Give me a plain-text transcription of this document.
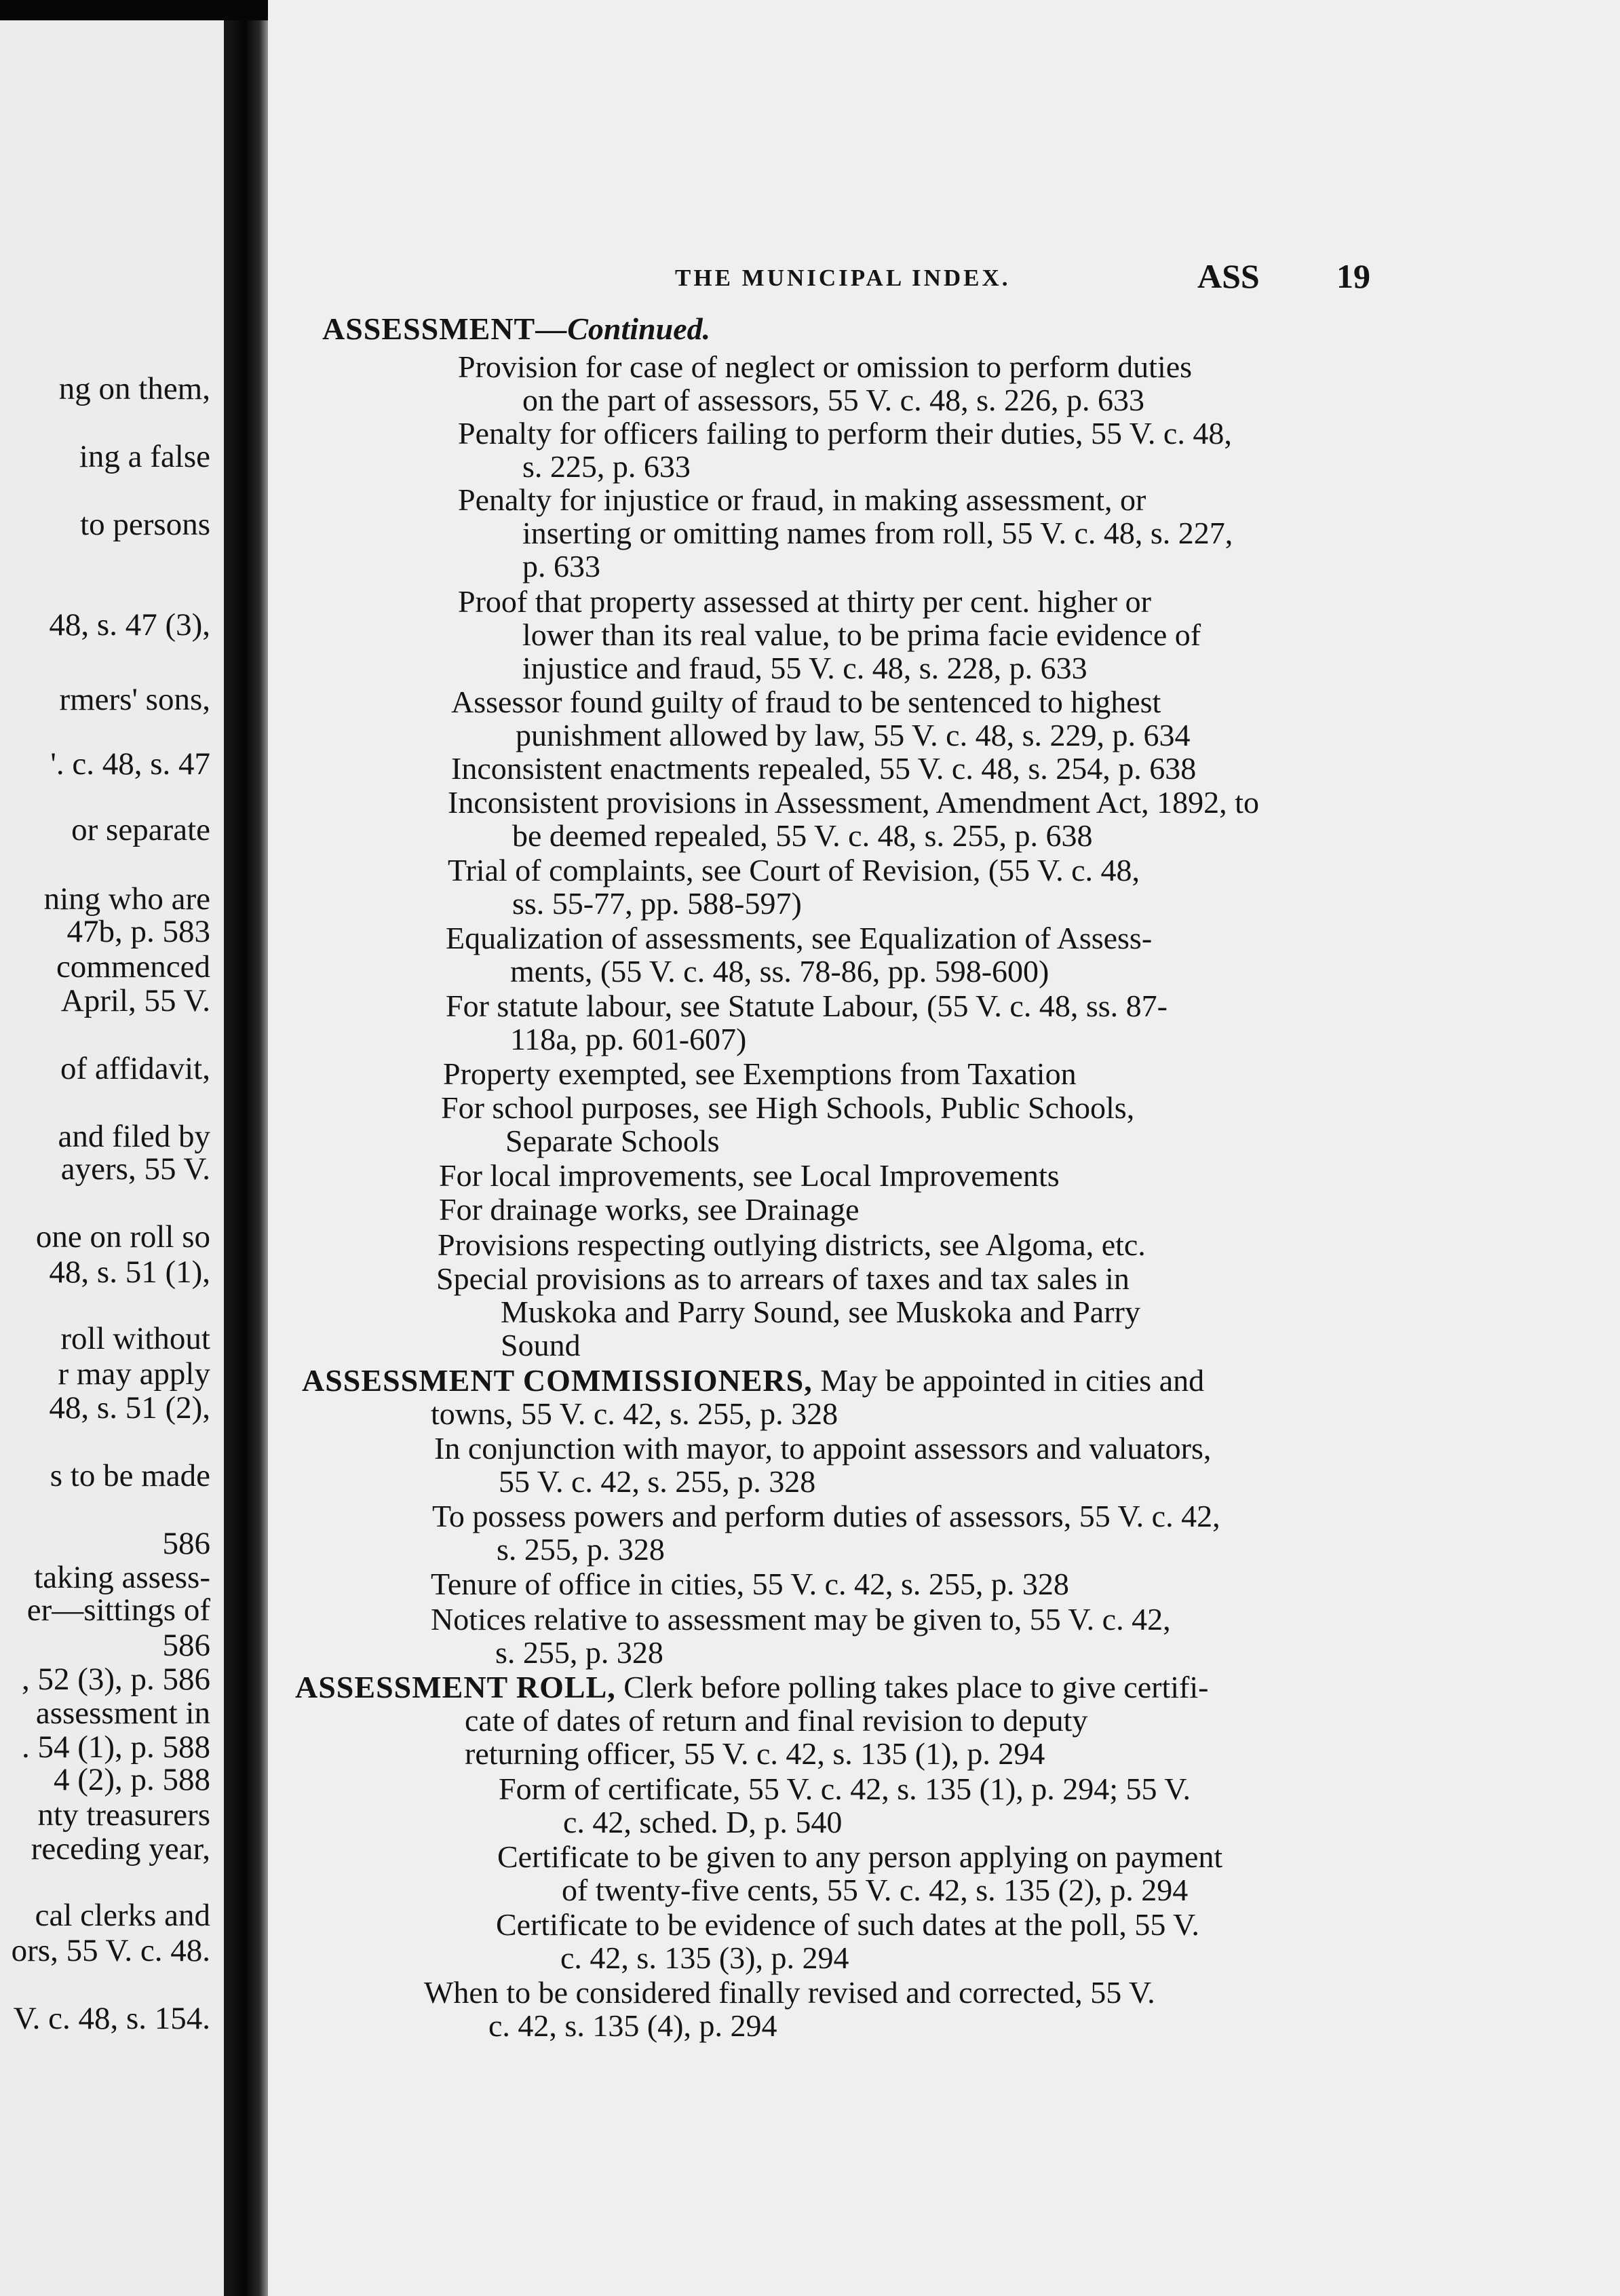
ng on them,
ing a false
to persons
48, s. 47 (3),
rmers' sons,
'. c. 48, s. 47
or separate
ning who are
47b, p. 583
commenced
April, 55 V.
of affidavit,
and filed by
ayers, 55 V.
one on roll so
48, s. 51 (1),
roll without
r may apply
48, s. 51 (2),
s to be made
586
taking assess-
er—sittings of
586
, 52 (3), p. 586
assessment in
. 54 (1), p. 588
4 (2), p. 588
nty treasurers
receding year,
cal clerks and
ors, 55 V. c. 48.
V. c. 48, s. 154.
THE MUNICIPAL INDEX.	ASS 19
ASSESSMENT—Continued.
Provision for case of neglect or omission to perform duties
on the part of assessors, 55 V. c. 48, s. 226, p. 633
Penalty for officers failing to perform their duties, 55 V. c. 48,
s. 225, p. 633
Penalty for injustice or fraud, in making assessment, or
inserting or omitting names from roll, 55 V. c. 48, s. 227,
p. 633
Proof that property assessed at thirty per cent. higher or
lower than its real value, to be prima facie evidence of
injustice and fraud, 55 V. c. 48, s. 228, p. 633
Assessor found guilty of fraud to be sentenced to highest
punishment allowed by law, 55 V. c. 48, s. 229, p. 634
Inconsistent enactments repealed, 55 V. c. 48, s. 254, p. 638
Inconsistent provisions in Assessment, Amendment Act, 1892, to
be deemed repealed, 55 V. c. 48, s. 255, p. 638
Trial of complaints, see Court of Revision, (55 V. c. 48,
ss. 55-77, pp. 588-597)
Equalization of assessments, see Equalization of Assess-
ments, (55 V. c. 48, ss. 78-86, pp. 598-600)
For statute labour, see Statute Labour, (55 V. c. 48, ss. 87-
118a, pp. 601-607)
Property exempted, see Exemptions from Taxation
For school purposes, see High Schools, Public Schools,
Separate Schools
For local improvements, see Local Improvements
For drainage works, see Drainage
Provisions respecting outlying districts, see Algoma, etc.
Special provisions as to arrears of taxes and tax sales in
Muskoka and Parry Sound, see Muskoka and Parry
Sound
ASSESSMENT COMMISSIONERS, May be appointed in cities and
towns, 55 V. c. 42, s. 255, p. 328
In conjunction with mayor, to appoint assessors and valuators,
55 V. c. 42, s. 255, p. 328
To possess powers and perform duties of assessors, 55 V. c. 42,
s. 255, p. 328
Tenure of office in cities, 55 V. c. 42, s. 255, p. 328
Notices relative to assessment may be given to, 55 V. c. 42,
s. 255, p. 328
ASSESSMENT ROLL, Clerk before polling takes place to give certifi-
cate of dates of return and final revision to deputy
returning officer, 55 V. c. 42, s. 135 (1), p. 294
Form of certificate, 55 V. c. 42, s. 135 (1), p. 294; 55 V.
c. 42, sched. D, p. 540
Certificate to be given to any person applying on payment
of twenty-five cents, 55 V. c. 42, s. 135 (2), p. 294
Certificate to be evidence of such dates at the poll, 55 V.
c. 42, s. 135 (3), p. 294
When to be considered finally revised and corrected, 55 V.
c. 42, s. 135 (4), p. 294
